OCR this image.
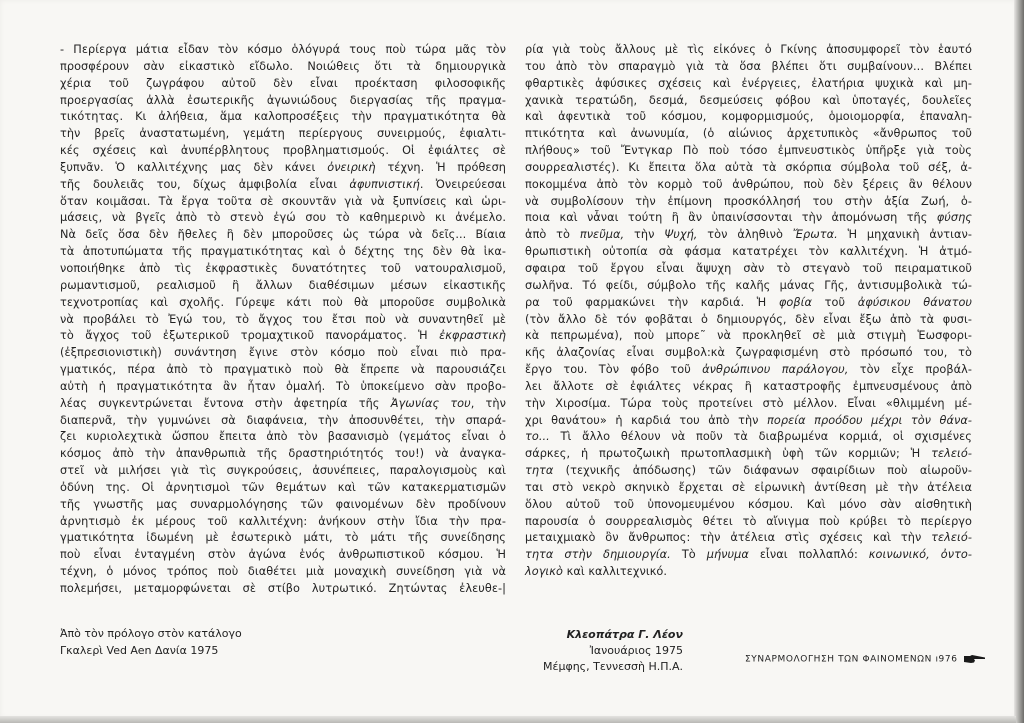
- Περίεργα μάτια εἶδαν τὸν κόσμο ὁλόγυρά τους ποὺ τώρα μᾶς τὸν
προσφέρουν σὰν εἰκαστικὸ εἴδωλο. Νοιώθεις ὅτι τὰ δημιουργικὰ
χέρια τοῦ ζωγράφου αὐτοῦ δὲν εἶναι προέκταση φιλοσοφικῆς
προεργασίας ἀλλὰ ἐσωτερικῆς ἀγωνιώδους διεργασίας τῆς πραγμα-
τικότητας. Κι ἀλήθεια, ἅμα καλοπροσέξεις τὴν πραγματικότητα θὰ
τὴν βρεῖς ἀναστατωμένη, γεμάτη περίεργους συνειρμούς, ἐφιαλτι-
κές σχέσεις καὶ ἀνυπέρβλητους προβληματισμούς. Οἱ ἐφιάλτες σὲ
ξυπνᾶν. Ὁ καλλιτέχνης μας δὲν κάνει ὀνειρικὴ τέχνη. Ἡ πρόθεση
τῆς δουλειᾶς του, δίχως ἀμφιβολία εἶναι ἀφυπνιστική. Ὀνειρεύεσαι
ὅταν κοιμᾶσαι. Τὰ ἔργα τοῦτα σὲ σκουντᾶν γιὰ νὰ ξυπνίσεις καὶ ὡρι-
μάσεις, νὰ βγεῖς ἀπὸ τὸ στενὸ ἐγώ σου τὸ καθημερινὸ κι ἀνέμελο.
Νὰ δεῖς ὅσα δὲν ἤθελες ἢ δὲν μποροῦσες ὡς τώρα νὰ δεῖς... Βίαια
τὰ ἀποτυπώματα τῆς πραγματικότητας καὶ ὁ δέχτης της δὲν θὰ ἱκα-
νοποιήθηκε ἀπὸ τὶς ἐκφραστικὲς δυνατότητες τοῦ νατουραλισμοῦ,
ρωμαντισμοῦ, ρεαλισμοῦ ἢ ἄλλων διαθέσιμων μέσων εἰκαστικῆς
τεχνοτροπίας καὶ σχολῆς. Γύρεψε κάτι ποὺ θὰ μποροῦσε συμβολικὰ
νὰ προβάλει τὸ Ἐγώ του, τὸ ἄγχος του ἔτσι ποὺ νὰ συναντηθεῖ μὲ
τὸ ἄγχος τοῦ ἐξωτερικοῦ τρομαχτικοῦ πανοράματος. Ἡ ἐκφραστικὴ
(ἐξπρεσιονιστικὴ) συνάντηση ἔγινε στὸν κόσμο ποὺ εἶναι πιὸ πρα-
γματικός, πέρα ἀπὸ τὸ πραγματικὸ ποὺ θὰ ἔπρεπε νὰ παρουσιάζει
αὐτὴ ἡ πραγματικότητα ἂν ἦταν ὁμαλή. Τὸ ὑποκείμενο σὰν προβο-
λέας συγκεντρώνεται ἔντονα στὴν ἀφετηρία τῆς Ἀγωνίας του, τὴν
διαπερνᾶ, τὴν γυμνώνει σὰ διαφάνεια, τὴν ἀποσυνθέτει, τὴν σπαρά-
ζει κυριολεχτικὰ ὥσπου ἔπειτα ἀπὸ τὸν βασανισμὸ (γεμάτος εἶναι ὁ
κόσμος ἀπὸ τὴν ἀπανθρωπιὰ τῆς δραστηριότητός του!) νὰ ἀναγκα-
στεῖ νὰ μιλήσει γιὰ τὶς συγκρούσεις, ἀσυνέπειες, παραλογισμοὺς καὶ
ὀδύνη της. Οἱ ἀρνητισμοὶ τῶν θεμάτων καὶ τῶν κατακερματισμῶν
τῆς γνωστῆς μας συναρμολόγησης τῶν φαινομένων δὲν προδίνουν
ἀρνητισμὸ ἐκ μέρους τοῦ καλλιτέχνη: ἀνήκουν στὴν ἴδια τὴν πρα-
γματικότητα ἰδωμένη μὲ ἐσωτερικὸ μάτι, τὸ μάτι τῆς συνείδησης
ποὺ εἶναι ἐνταγμένη στὸν ἀγώνα ἑνός ἀνθρωπιστικοῦ κόσμου. Ἡ
τέχνη, ὁ μόνος τρόπος ποὺ διαθέτει μιὰ μοναχικὴ συνείδηση γιὰ νὰ
πολεμήσει, μεταμορφώνεται σὲ στίβο λυτρωτικό. Ζητώντας ἐλευθε-|
ρία γιὰ τοὺς ἄλλους μὲ τὶς εἰκόνες ὁ Γκίνης ἀποσυμφορεῖ τὸν ἑαυτό
του ἀπὸ τὸν σπαραγμὸ γιὰ τὰ ὅσα βλέπει ὅτι συμβαίνουν... Βλέπει
φθαρτικὲς ἀφύσικες σχέσεις καὶ ἐνέργειες, ἐλατήρια ψυχικὰ καὶ μη-
χανικὰ τερατώδη, δεσμά, δεσμεύσεις φόβου καὶ ὑποταγές, δουλεῖες
καὶ ἀφεντικὰ τοῦ κόσμου, κομφορμισμούς, ὁμοιομορφία, ἐπαναλη-
πτικότητα καὶ ἀνωνυμία, (ὁ αἰώνιος ἀρχετυπικὸς «ἄνθρωπος τοῦ
πλήθους» τοῦ Ἔντγκαρ Πὸ ποὺ τόσο ἐμπνευστικὸς ὑπῆρξε γιὰ τοὺς
σουρρεαλιστές). Κι ἔπειτα ὅλα αὐτὰ τὰ σκόρπια σύμβολα τοῦ σέξ, ἀ-
ποκομμένα ἀπὸ τὸν κορμὸ τοῦ ἀνθρώπου, ποὺ δὲν ξέρεις ἂν θέλουν
νὰ συμβολίσουν τὴν ἐπίμονη προσκόλλησή του στὴν ἀξία Ζωή, ὁ-
ποια καὶ νἆναι τούτη ἢ ἂν ὑπαινίσσονται τὴν ἀπομόνωση τῆς φύσης
ἀπὸ τὸ πνεῦμα, τὴν Ψυχή, τὸν ἀληθινὸ Ἔρωτα. Ἡ μηχανικὴ ἀντιαν-
θρωπιστικὴ οὐτοπία σὰ φάσμα κατατρέχει τὸν καλλιτέχνη. Ἡ ἀτμό-
σφαιρα τοῦ ἔργου εἶναι ἄψυχη σὰν τὸ στεγανὸ τοῦ πειραματικοῦ
σωλῆνα. Τό φείδι, σύμβολο τῆς καλῆς μάνας Γῆς, ἀντισυμβολικὰ τώ-
ρα τοῦ φαρμακώνει τὴν καρδιά. Ἡ φοβία τοῦ ἀφύσικου θάνατου
(τὸν ἄλλο δὲ τόν φοβᾶται ὁ δημιουργός, δὲν εἶναι ἔξω ἀπὸ τὰ φυσι-
κὰ πεπρωμένα), ποὺ μπορε῀ νὰ προκληθεῖ σὲ μιὰ στιγμὴ Ἑωσφορι-
κῆς ἀλαζονίας εἶναι συμβολ:κὰ ζωγραφισμένη στὸ πρόσωπό του, τὸ
ἔργο του. Τὸν φόβο τοῦ ἀνθρώπινου παράλογου, τὸν εἶχε προβάλ-
λει ἄλλοτε σὲ ἐφιάλτες νέκρας ἢ καταστροφῆς ἐμπνευσμένους ἀπὸ
τὴν Χιροσίμα. Τώρα τοὺς προτείνει στὸ μέλλον. Εἶναι «θλιμμένη μέ-
χρι θανάτου» ἡ καρδιά του ἀπὸ τὴν πορεία προόδου μέχρι τὸν θάνα-
το... Τὶ ἄλλο θέλουν νὰ ποῦν τὰ διαβρωμένα κορμιά, οἱ σχισμένες
σάρκες, ἡ πρωτοζωικὴ πρωτοπλασμικὴ ὑφὴ τῶν κορμιῶν; Ἡ τελειό-
τητα (τεχνικῆς ἀπόδωσης) τῶν διάφανων σφαιρίδιων ποὺ αἰωροῦν-
ται στὸ νεκρὸ σκηνικὸ ἔρχεται σὲ εἰρωνικὴ ἀντίθεση μὲ τὴν ἀτέλεια
ὅλου αὐτοῦ τοῦ ὑπονομευμένου κόσμου. Καὶ μόνο σὰν αἰσθητικὴ
παρουσία ὁ σουρρεαλισμὸς θέτει τὸ αἴνιγμα ποὺ κρύβει τὸ περίεργο
μεταιχμιακὸ ὂν ἄνθρωπος: τὴν ἀτέλεια στὶς σχέσεις καὶ τὴν τελειό-
τητα στὴν δημιουργία. Τὸ μήνυμα εἶναι πολλαπλό: κοινωνικό, ὀντο-
λογικὸ καὶ καλλιτεχνικό.
Ἀπὸ τὸν πρόλογο στὸν κατάλογο
Γκαλερὶ Ved Aen Δανία 1975
Κλεοπάτρα Γ. Λέον
Ἰανουάριος 1975
Μέμφης, Τεννεσσὴ Η.Π.Α.
ΣΥΝΑΡΜΟΛΟΓΗΣΗ ΤΩΝ ΦΑΙΝΟΜΕΝΩΝ ı976
